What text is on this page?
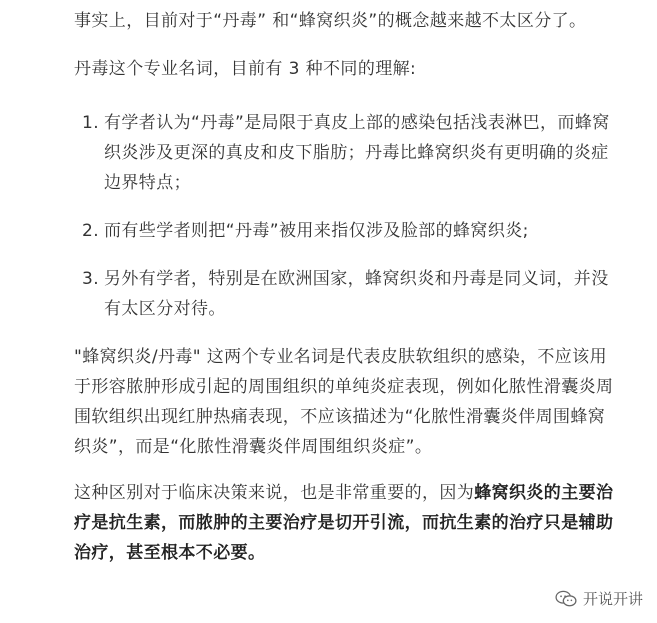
事实上，目前对于“丹毒” 和“蜂窝织炎”的概念越来越不太区分了。

丹毒这个专业名词，目前有 3 种不同的理解:

1. 有学者认为“丹毒”是局限于真皮上部的感染包括浅表淋巴，而蜂窝织炎涉及更深的真皮和皮下脂肪；丹毒比蜂窝织炎有更明确的炎症边界特点；
2. 而有些学者则把“丹毒”被用来指仅涉及脸部的蜂窝织炎;
3. 另外有学者，特别是在欧洲国家，蜂窝织炎和丹毒是同义词，并没有太区分对待。

"蜂窝织炎/丹毒" 这两个专业名词是代表皮肤软组织的感染，不应该用于形容脓肿形成引起的周围组织的单纯炎症表现，例如化脓性滑囊炎周围软组织出现红肿热痛表现，不应该描述为“化脓性滑囊炎伴周围蜂窝织炎”，而是“化脓性滑囊炎伴周围组织炎症”。

这种区别对于临床决策来说，也是非常重要的，因为蜂窝织炎的主要治疗是抗生素，而脓肿的主要治疗是切开引流，而抗生素的治疗只是辅助治疗，甚至根本不必要。

开说开讲
